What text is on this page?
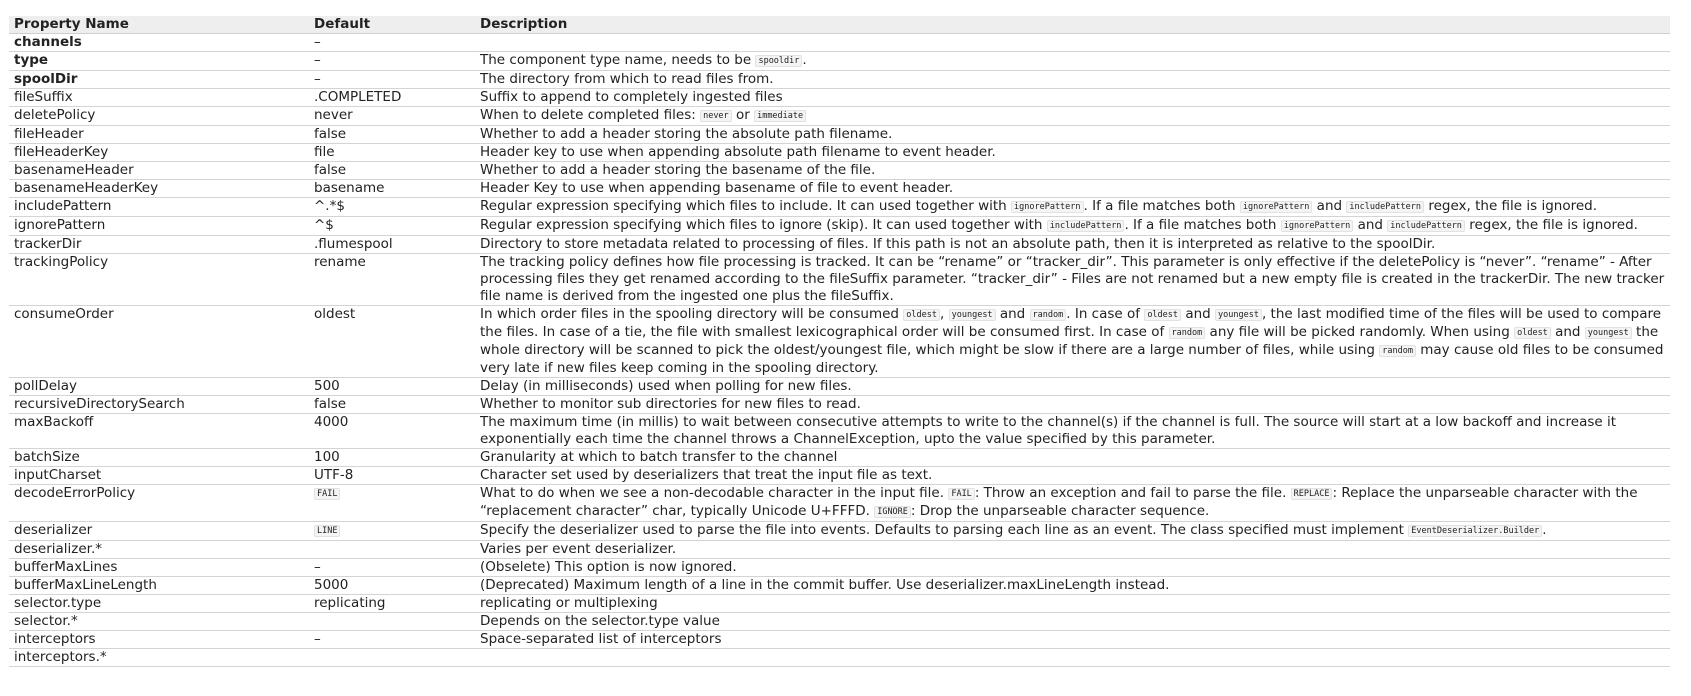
Property Name	Default	Description
channels	–	
type	–	The component type name, needs to be spooldir .
spoolDir	–	The directory from which to read files from.
fileSuffix	.COMPLETED	Suffix to append to completely ingested files
deletePolicy	never	When to delete completed files: never or immediate
fileHeader	false	Whether to add a header storing the absolute path filename.
fileHeaderKey	file	Header key to use when appending absolute path filename to event header.
basenameHeader	false	Whether to add a header storing the basename of the file.
basenameHeaderKey	basename	Header Key to use when appending basename of file to event header.
includePattern	^.*$	Regular expression specifying which files to include. It can used together with ignorePattern . If a file matches both ignorePattern and includePattern regex, the file is ignored.
ignorePattern	^$	Regular expression specifying which files to ignore (skip). It can used together with includePattern . If a file matches both ignorePattern and includePattern regex, the file is ignored.
trackerDir	.flumespool	Directory to store metadata related to processing of files. If this path is not an absolute path, then it is interpreted as relative to the spoolDir.
trackingPolicy	rename	The tracking policy defines how file processing is tracked. It can be “rename” or “tracker_dir”. This parameter is only effective if the deletePolicy is “never”. “rename” - After processing files they get renamed according to the fileSuffix parameter. “tracker_dir” - Files are not renamed but a new empty file is created in the trackerDir. The new tracker file name is derived from the ingested one plus the fileSuffix.
consumeOrder	oldest	In which order files in the spooling directory will be consumed oldest , youngest and random . In case of oldest and youngest , the last modified time of the files will be used to compare the files. In case of a tie, the file with smallest lexicographical order will be consumed first. In case of random any file will be picked randomly. When using oldest and youngest the whole directory will be scanned to pick the oldest/youngest file, which might be slow if there are a large number of files, while using random may cause old files to be consumed very late if new files keep coming in the spooling directory.
pollDelay	500	Delay (in milliseconds) used when polling for new files.
recursiveDirectorySearch	false	Whether to monitor sub directories for new files to read.
maxBackoff	4000	The maximum time (in millis) to wait between consecutive attempts to write to the channel(s) if the channel is full. The source will start at a low backoff and increase it exponentially each time the channel throws a ChannelException, upto the value specified by this parameter.
batchSize	100	Granularity at which to batch transfer to the channel
inputCharset	UTF-8	Character set used by deserializers that treat the input file as text.
decodeErrorPolicy	FAIL	What to do when we see a non-decodable character in the input file. FAIL : Throw an exception and fail to parse the file. REPLACE : Replace the unparseable character with the “replacement character” char, typically Unicode U+FFFD. IGNORE : Drop the unparseable character sequence.
deserializer	LINE	Specify the deserializer used to parse the file into events. Defaults to parsing each line as an event. The class specified must implement EventDeserializer.Builder .
deserializer.*		Varies per event deserializer.
bufferMaxLines	–	(Obselete) This option is now ignored.
bufferMaxLineLength	5000	(Deprecated) Maximum length of a line in the commit buffer. Use deserializer.maxLineLength instead.
selector.type	replicating	replicating or multiplexing
selector.*		Depends on the selector.type value
interceptors	–	Space-separated list of interceptors
interceptors.*		
